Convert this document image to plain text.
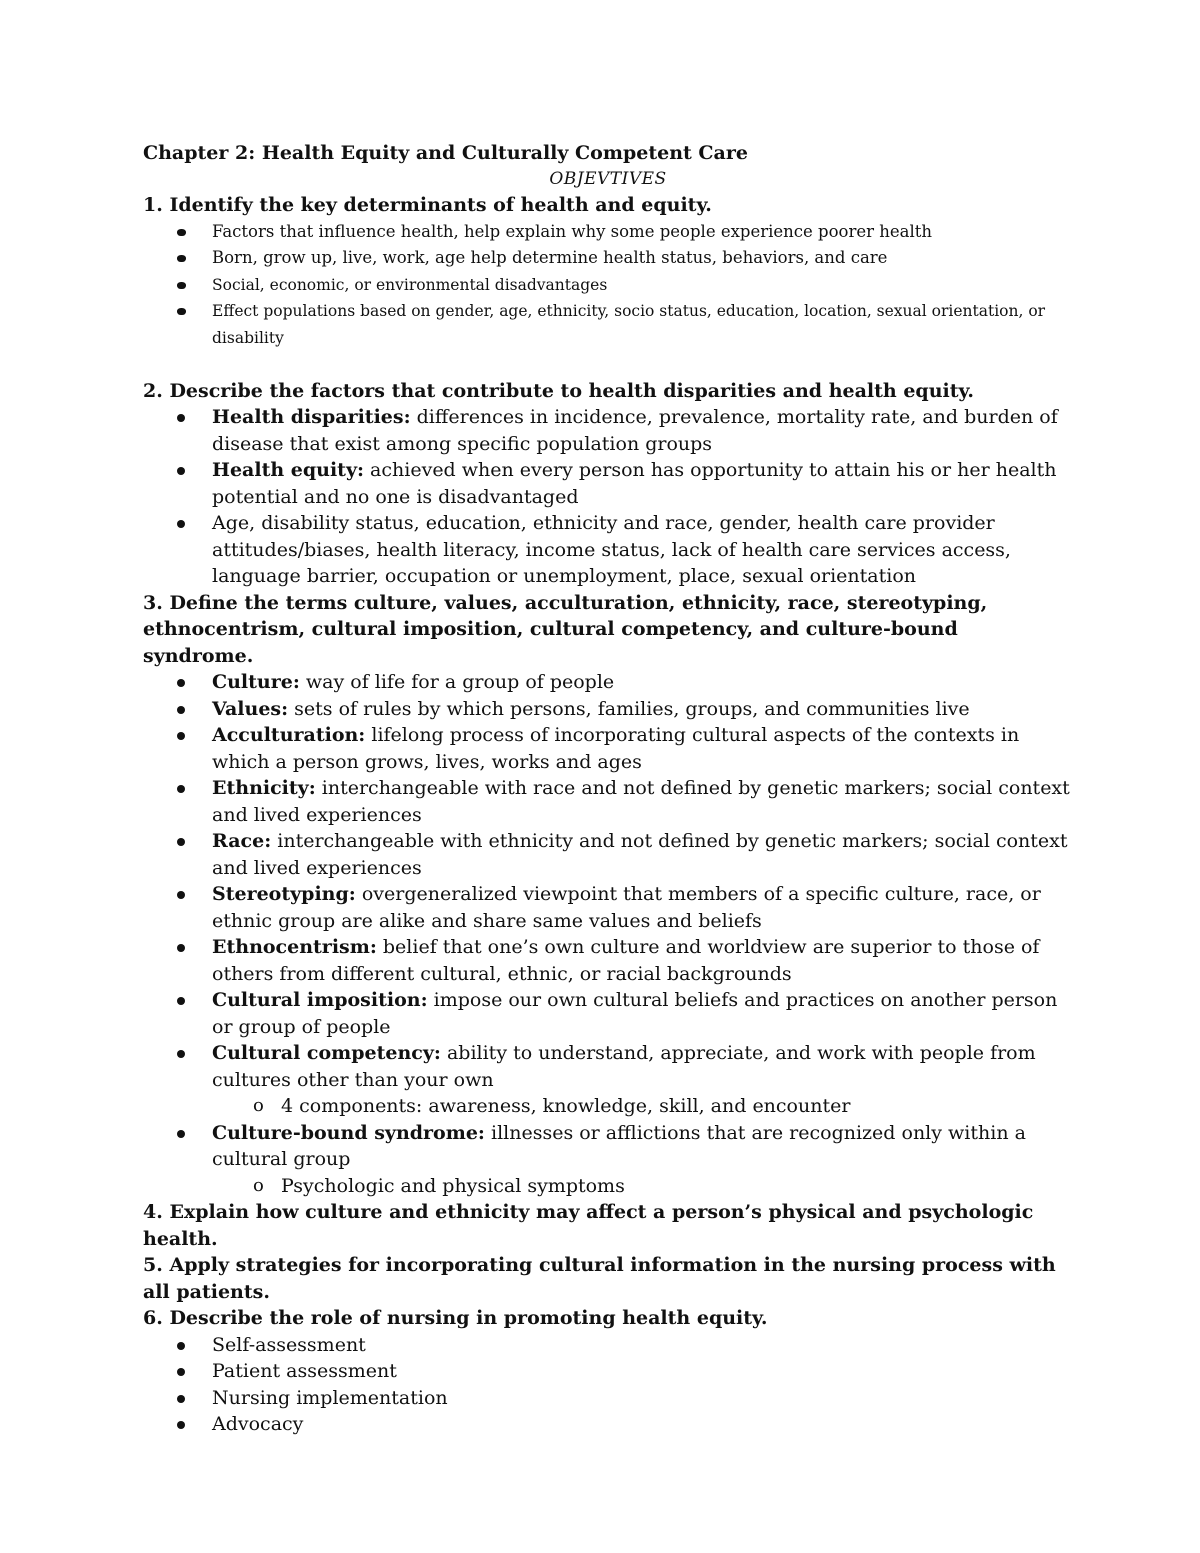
Chapter 2: Health Equity and Culturally Competent Care

OBJEVTIVES

1. Identify the key determinants of health and equity.

Factors that influence health, help explain why some people experience poorer health
Born, grow up, live, work, age help determine health status, behaviors, and care
Social, economic, or environmental disadvantages
Effect populations based on gender, age, ethnicity, socio status, education, location, sexual orientation, or disability

2. Describe the factors that contribute to health disparities and health equity.

Health disparities: differences in incidence, prevalence, mortality rate, and burden of disease that exist among specific population groups
Health equity: achieved when every person has opportunity to attain his or her health potential and no one is disadvantaged
Age, disability status, education, ethnicity and race, gender, health care provider attitudes/biases, health literacy, income status, lack of health care services access, language barrier, occupation or unemployment, place, sexual orientation

3. Define the terms culture, values, acculturation, ethnicity, race, stereotyping, ethnocentrism, cultural imposition, cultural competency, and culture-bound syndrome.

Culture: way of life for a group of people
Values: sets of rules by which persons, families, groups, and communities live
Acculturation: lifelong process of incorporating cultural aspects of the contexts in which a person grows, lives, works and ages
Ethnicity: interchangeable with race and not defined by genetic markers; social context and lived experiences
Race: interchangeable with ethnicity and not defined by genetic markers; social context and lived experiences
Stereotyping: overgeneralized viewpoint that members of a specific culture, race, or ethnic group are alike and share same values and beliefs
Ethnocentrism: belief that one’s own culture and worldview are superior to those of others from different cultural, ethnic, or racial backgrounds
Cultural imposition: impose our own cultural beliefs and practices on another person or group of people
Cultural competency: ability to understand, appreciate, and work with people from cultures other than your own
o 4 components: awareness, knowledge, skill, and encounter
Culture-bound syndrome: illnesses or afflictions that are recognized only within a cultural group
o Psychologic and physical symptoms

4. Explain how culture and ethnicity may affect a person’s physical and psychologic health.

5. Apply strategies for incorporating cultural information in the nursing process with all patients.

6. Describe the role of nursing in promoting health equity.

Self-assessment
Patient assessment
Nursing implementation
Advocacy
